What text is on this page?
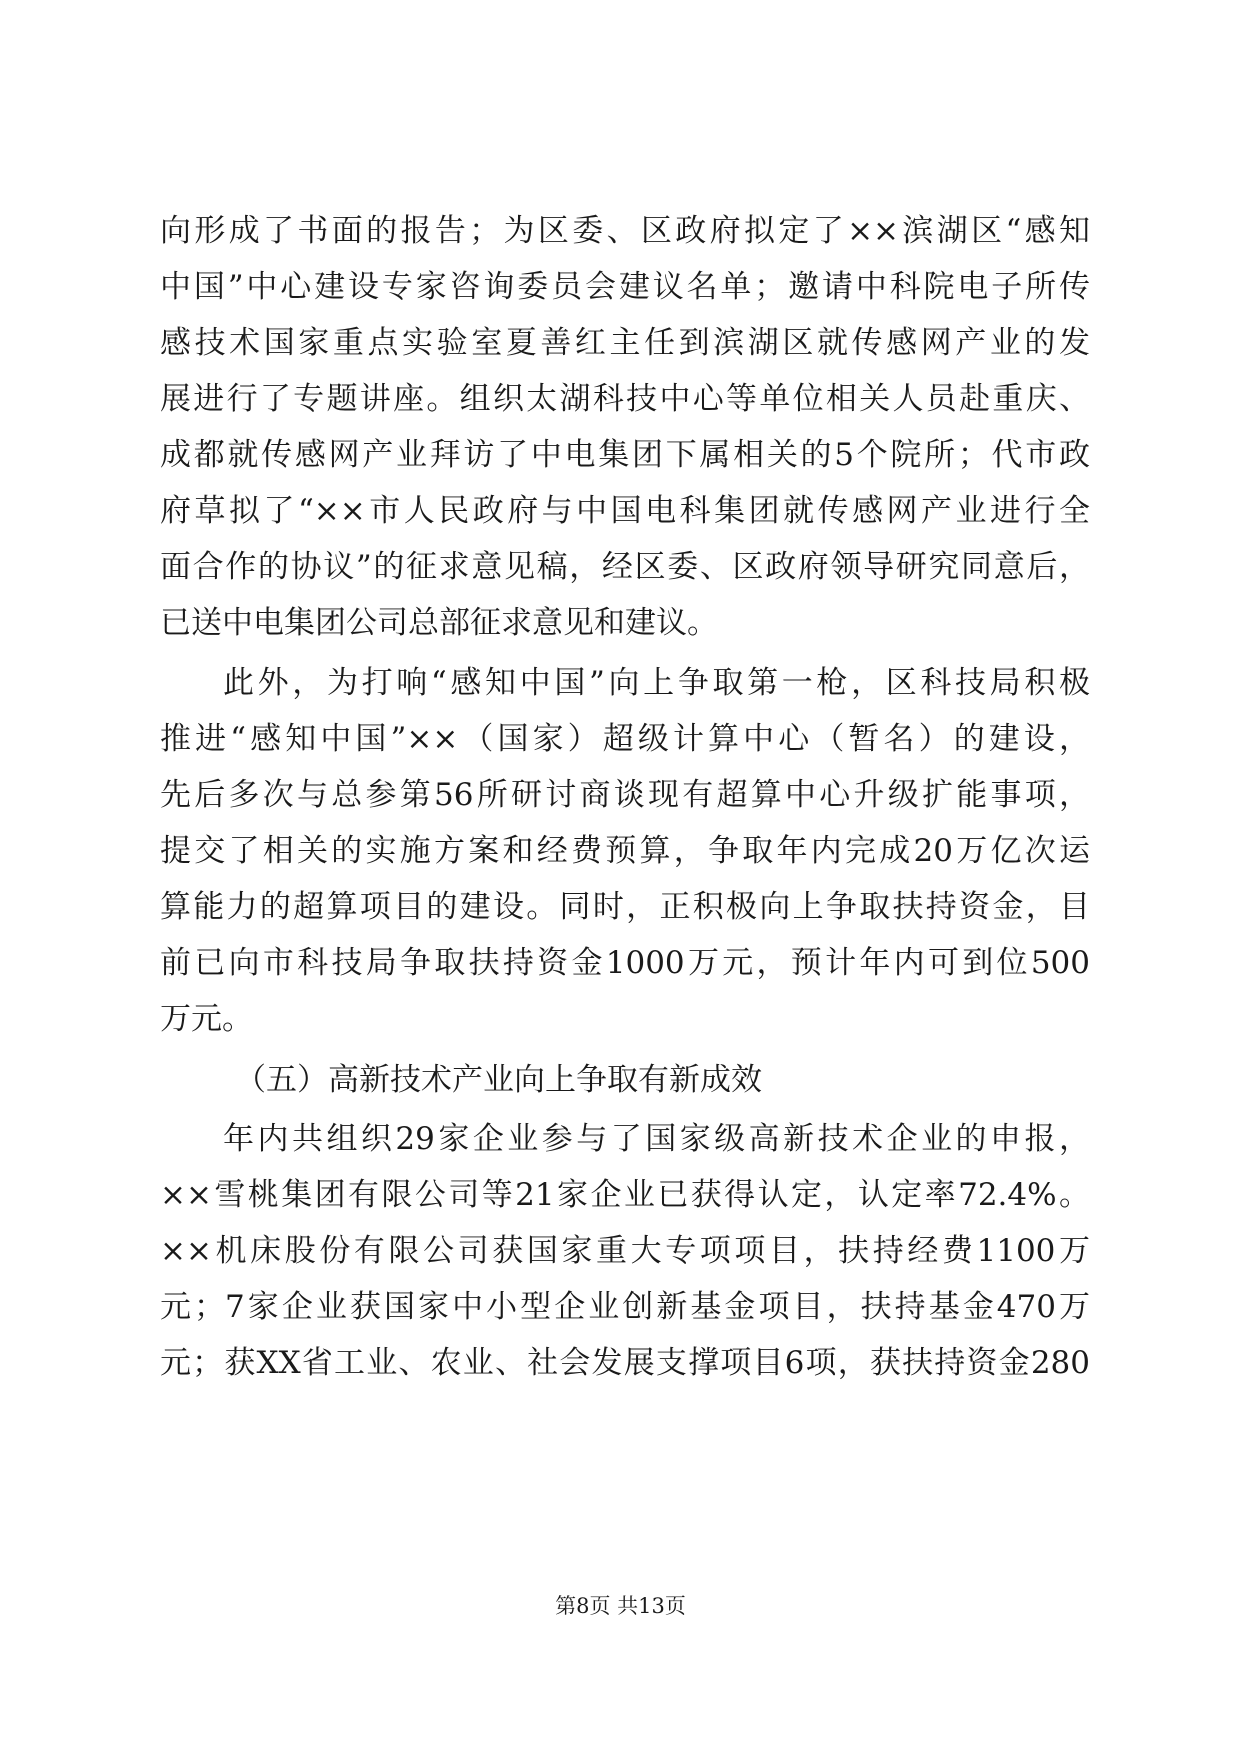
向形成了书面的报告；为区委、区政府拟定了××滨湖区“感知
中国”中心建设专家咨询委员会建议名单；邀请中科院电子所传
感技术国家重点实验室夏善红主任到滨湖区就传感网产业的发
展进行了专题讲座。组织太湖科技中心等单位相关人员赴重庆、
成都就传感网产业拜访了中电集团下属相关的5个院所；代市政
府草拟了“××市人民政府与中国电科集团就传感网产业进行全
面合作的协议”的征求意见稿，经区委、区政府领导研究同意后，
已送中电集团公司总部征求意见和建议。
此外，为打响“感知中国”向上争取第一枪，区科技局积极
推进“感知中国”××（国家）超级计算中心（暂名）的建设，
先后多次与总参第56所研讨商谈现有超算中心升级扩能事项，
提交了相关的实施方案和经费预算，争取年内完成20万亿次运
算能力的超算项目的建设。同时，正积极向上争取扶持资金，目
前已向市科技局争取扶持资金1000万元，预计年内可到位500
万元。
（五）高新技术产业向上争取有新成效
年内共组织29家企业参与了国家级高新技术企业的申报，
××雪桃集团有限公司等21家企业已获得认定，认定率72.4%。
××机床股份有限公司获国家重大专项项目，扶持经费1100万
元；7家企业获国家中小型企业创新基金项目，扶持基金470万
元；获XX省工业、农业、社会发展支撑项目6项，获扶持资金280
第8页 共13页
